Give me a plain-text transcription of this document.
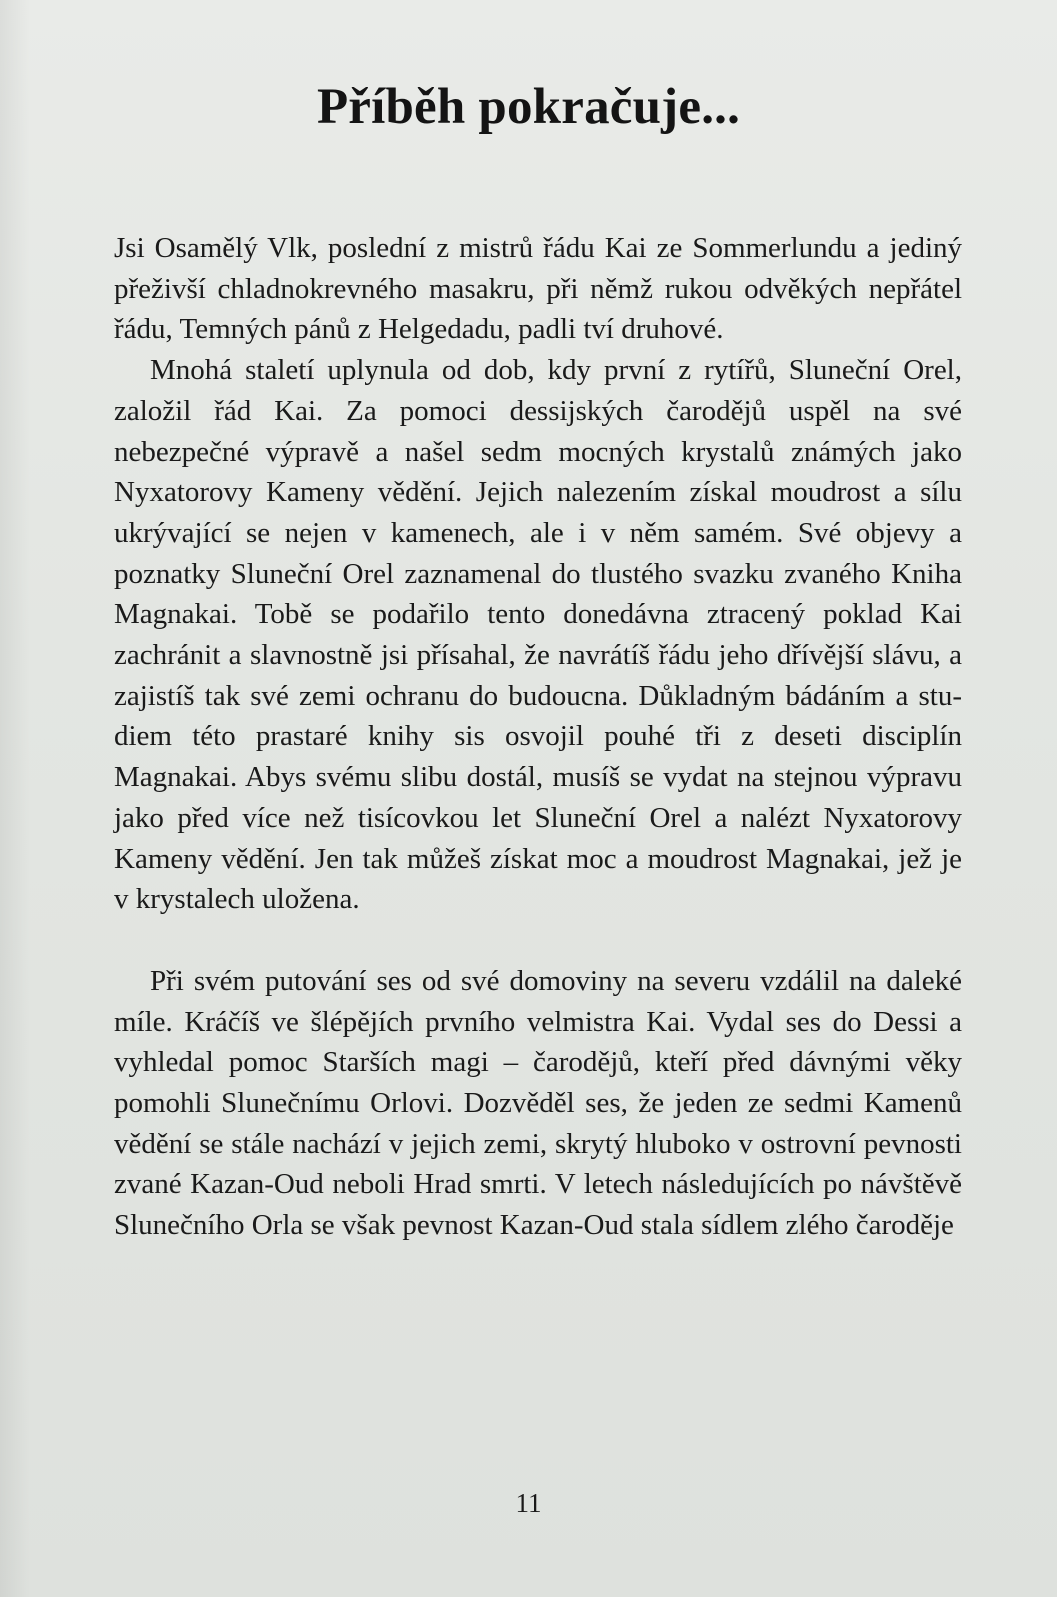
Příběh pokračuje...

Jsi Osamělý Vlk, poslední z mistrů řádu Kai ze Sommerlundu a jediný přeživší chladnokrevného masakru, při němž rukou odvěkých nepřátel řádu, Temných pánů z Helgedadu, padli tví druhové.

Mnohá staletí uplynula od dob, kdy první z rytířů, Sluneční Orel, založil řád Kai. Za pomoci dessijských čarodějů uspěl na své nebezpečné výpravě a našel sedm mocných krystalů známých jako Nyxatorovy Kameny vědění. Jejich nalezením získal moudrost a sílu ukrývající se nejen v kamenech, ale i v něm samém. Své objevy a poznatky Sluneční Orel zaznamenal do tlustého svazku zvaného Kniha Magnakai. Tobě se podařilo tento donedávna ztracený poklad Kai zachránit a slavnostně jsi přísahal, že navrátíš řádu jeho dřívější slávu, a zajistíš tak své zemi ochranu do budoucna. Důkladným bádáním a studiem této prastaré knihy sis osvojil pouhé tři z deseti disciplín Magnakai. Abys svému slibu dostál, musíš se vydat na stejnou výpravu jako před více než tisícovkou let Sluneční Orel a nalézt Nyxatorovy Kameny vědění. Jen tak můžeš získat moc a moudrost Magnakai, jež je v krystalech uložena.

Při svém putování ses od své domoviny na severu vzdálil na daleké míle. Kráčíš ve šlépějích prvního velmistra Kai. Vydal ses do Dessi a vyhledal pomoc Starších magi – čarodějů, kteří před dávnými věky pomohli Slunečnímu Orlovi. Dozvěděl ses, že jeden ze sedmi Kamenů vědění se stále nachází v jejich zemi, skrytý hluboko v ostrovní pevnosti zvané Kazan-Oud neboli Hrad smrti. V letech následujících po návštěvě Slunečního Orla se však pevnost Kazan-Oud stala sídlem zlého čaroděje

11
